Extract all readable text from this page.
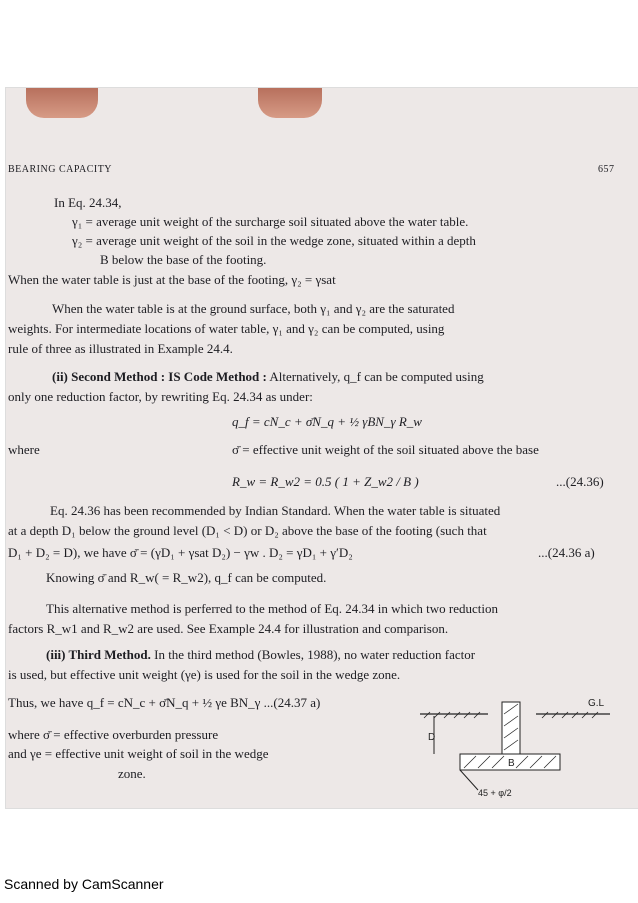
BEARING CAPACITY	657
In Eq. 24.34,
γ₁ = average unit weight of the surcharge soil situated above the water table.
γ₂ = average unit weight of the soil in the wedge zone, situated within a depth
B below the base of the footing.
When the water table is just at the base of the footing, γ₂ = γsat
When the water table is at the ground surface, both γ₁ and γ₂ are the saturated
weights. For intermediate locations of water table, γ₁ and γ₂ can be computed, using
rule of three as illustrated in Example 24.4.
(ii) Second Method : IS Code Method : Alternatively, q_f can be computed using
only one reduction factor, by rewriting Eq. 24.34 as under:
q_f = cN_c + σ̄N_q + ½ γBN_γ R_w
where	σ̄ = effective unit weight of the soil situated above the base
R_w = R_w2 = 0.5 ( 1 + Z_w2 / B )	...(24.36)
Eq. 24.36 has been recommended by Indian Standard. When the water table is situated
at a depth D₁ below the ground level (D₁ < D) or D₂ above the base of the footing (such that
D₁ + D₂ = D), we have σ̄ = (γD₁ + γsat D₂) − γw . D₂ = γD₁ + γ′D₂	...(24.36 a)
Knowing σ̄ and R_w( = R_w2), q_f can be computed.
This alternative method is perferred to the method of Eq. 24.34 in which two reduction
factors R_w1 and R_w2 are used. See Example 24.4 for illustration and comparison.
(iii) Third Method. In the third method (Bowles, 1988), no water reduction factor
is used, but effective unit weight (γe) is used for the soil in the wedge zone.
Thus, we have q_f = cN_c + σ̄N_q + ½ γe BN_γ ...(24.37 a)
where σ̄ = effective overburden pressure
and γe = effective unit weight of soil in the wedge
zone.
G.L
D
B
45 + φ/2
Scanned by CamScanner
